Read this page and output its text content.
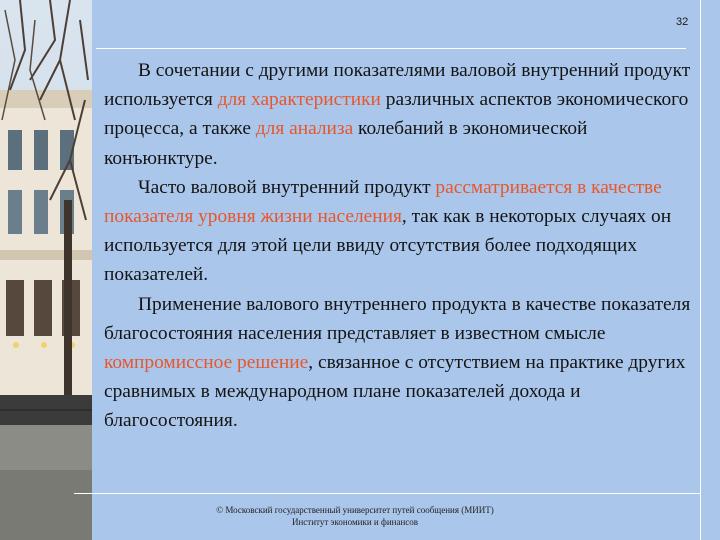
32

В сочетании с другими показателями валовой внутренний продукт используется для характеристики различных аспектов экономического процесса, а также для анализа колебаний в экономической конъюнктуре.

Часто валовой внутренний продукт рассматривается в качестве показателя уровня жизни населения, так как в некоторых случаях он используется для этой цели ввиду отсутствия более подходящих показателей.

Применение валового внутреннего продукта в качестве показателя благосостояния населения представляет в известном смысле компромиссное решение, связанное с отсутствием на практике других сравнимых в международном плане показателей дохода и благосостояния.

© Московский государственный университет путей сообщения (МИИТ)
Институт экономики и финансов
